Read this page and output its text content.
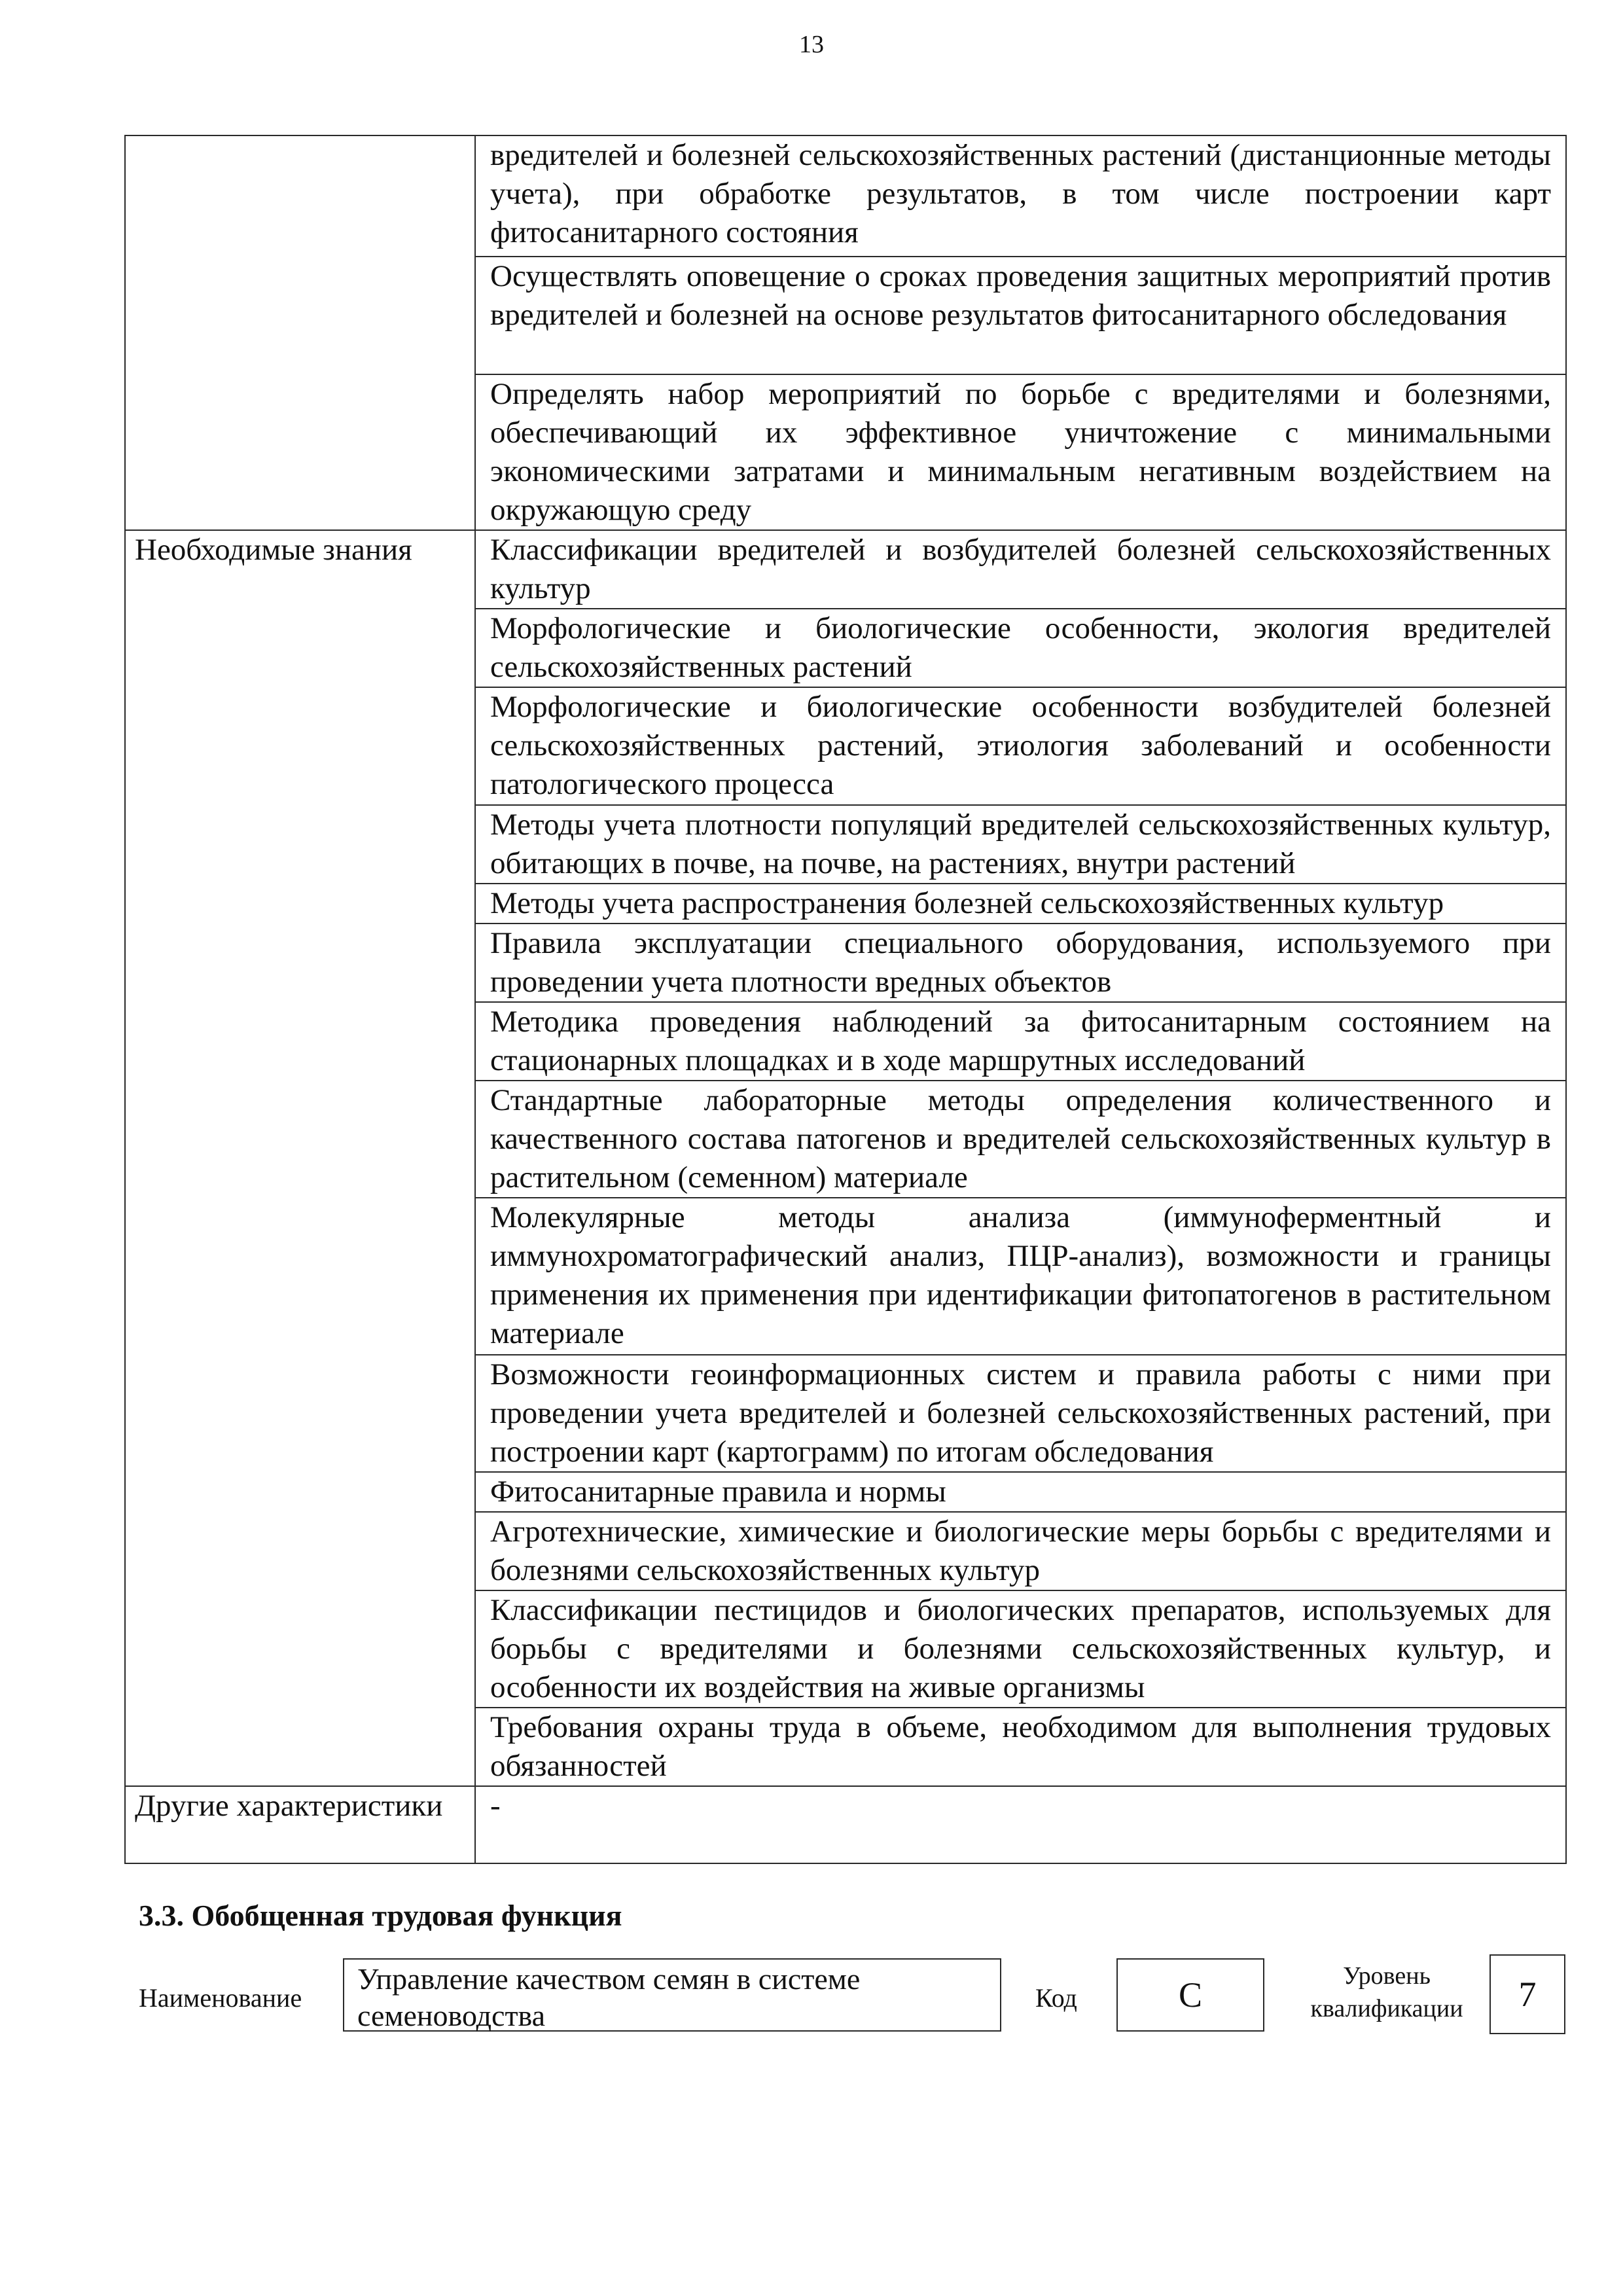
13
	вредителей и болезней сельскохозяйственных растений (дистанционные методы учета), при обработке результатов, в том числе построении карт фитосанитарного состояния
	Осуществлять оповещение о сроках проведения защитных мероприятий против вредителей и болезней на основе результатов фитосанитарного обследования
	Определять набор мероприятий по борьбе с вредителями и болезнями, обеспечивающий их эффективное уничтожение с минимальными экономическими затратами и минимальным негативным воздействием на окружающую среду
Необходимые знания	Классификации вредителей и возбудителей болезней сельскохозяйственных культур
	Морфологические и биологические особенности, экология вредителей сельскохозяйственных растений
	Морфологические и биологические особенности возбудителей болезней сельскохозяйственных растений, этиология заболеваний и особенности патологического процесса
	Методы учета плотности популяций вредителей сельскохозяйственных культур, обитающих в почве, на почве, на растениях, внутри растений
	Методы учета распространения болезней сельскохозяйственных культур
	Правила эксплуатации специального оборудования, используемого при проведении учета плотности вредных объектов
	Методика проведения наблюдений за фитосанитарным состоянием на стационарных площадках и в ходе маршрутных исследований
	Стандартные лабораторные методы определения количественного и качественного состава патогенов и вредителей сельскохозяйственных культур в растительном (семенном) материале
	Молекулярные методы анализа (иммуноферментный и иммунохроматографический анализ, ПЦР-анализ), возможности и границы применения их применения при идентификации фитопатогенов в растительном материале
	Возможности геоинформационных систем и правила работы с ними при проведении учета вредителей и болезней сельскохозяйственных растений, при построении карт (картограмм) по итогам обследования
	Фитосанитарные правила и нормы
	Агротехнические, химические и биологические меры борьбы с вредителями и болезнями сельскохозяйственных культур
	Классификации пестицидов и биологических препаратов, используемых для борьбы с вредителями и болезнями сельскохозяйственных культур, и особенности их воздействия на живые организмы
	Требования охраны труда в объеме, необходимом для выполнения трудовых обязанностей
Другие характеристики	-
3.3. Обобщенная трудовая функция
Наименование
Управление качеством семян в системе семеноводства
Код	C	Уровень квалификации	7
